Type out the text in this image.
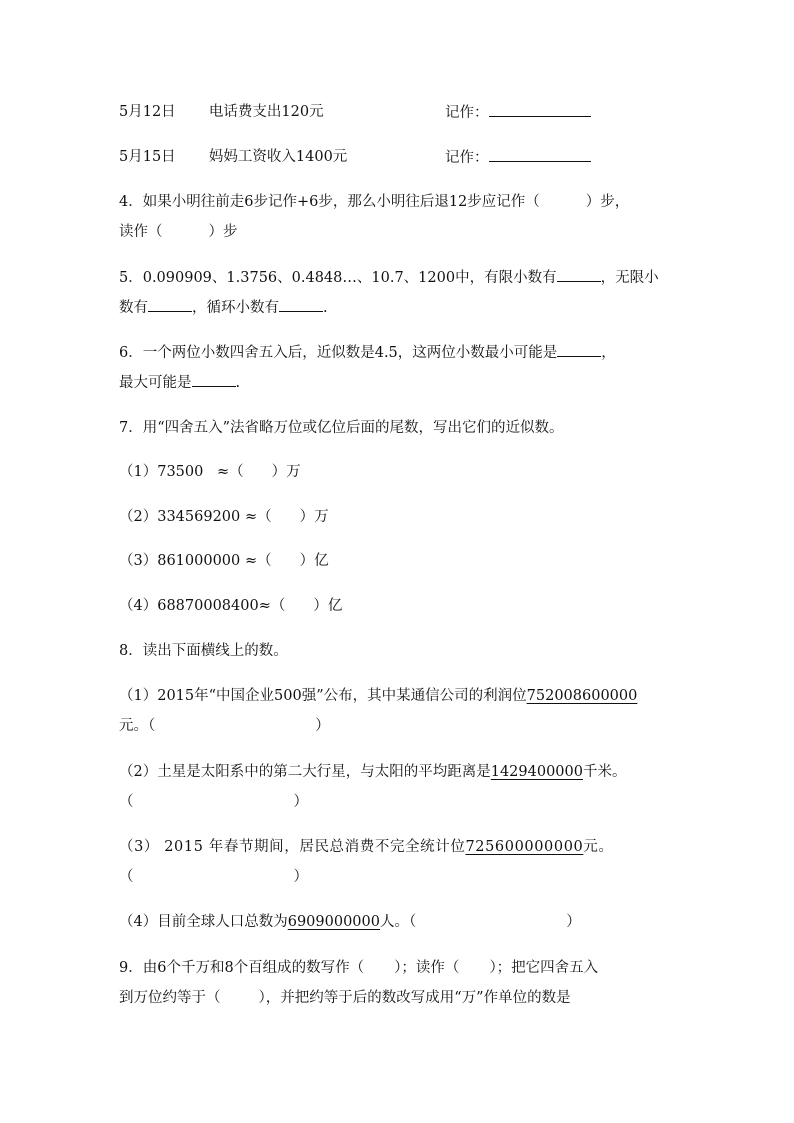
5月12日 电话费支出120元	记作：
5月15日 妈妈工资收入1400元	记作：
4．如果小明往前走6步记作+6步，那么小明往后退12步应记作（	）步，
读作（	）步
5．0.090909、1.3756、0.4848…、10.7、1200中，有限小数有	，无限小
数有	，循环小数有	.
6．一个两位小数四舍五入后，近似数是4.5，这两位小数最小可能是	，
最大可能是	.
7．用“四舍五入”法省略万位或亿位后面的尾数，写出它们的近似数。
（1）73500 ≈（ ）万
（2）334569200 ≈（ ）万
（3）861000000 ≈（ ）亿
（4）68870008400≈（ ）亿
8．读出下面横线上的数。
（1）2015年“中国企业500强”公布，其中某通信公司的利润位752008600000
元。（	）
（2）土星是太阳系中的第二大行星，与太阳的平均距离是1429400000千米。
（	）
（3） 2015 年春节期间，居民总消费不完全统计位725600000000元。
（	）
（4）目前全球人口总数为6909000000人。（	）
9．由6个千万和8个百组成的数写作（ ）；读作（ ）；把它四舍五入
到万位约等于（	），并把约等于后的数改写成用“万”作单位的数是
